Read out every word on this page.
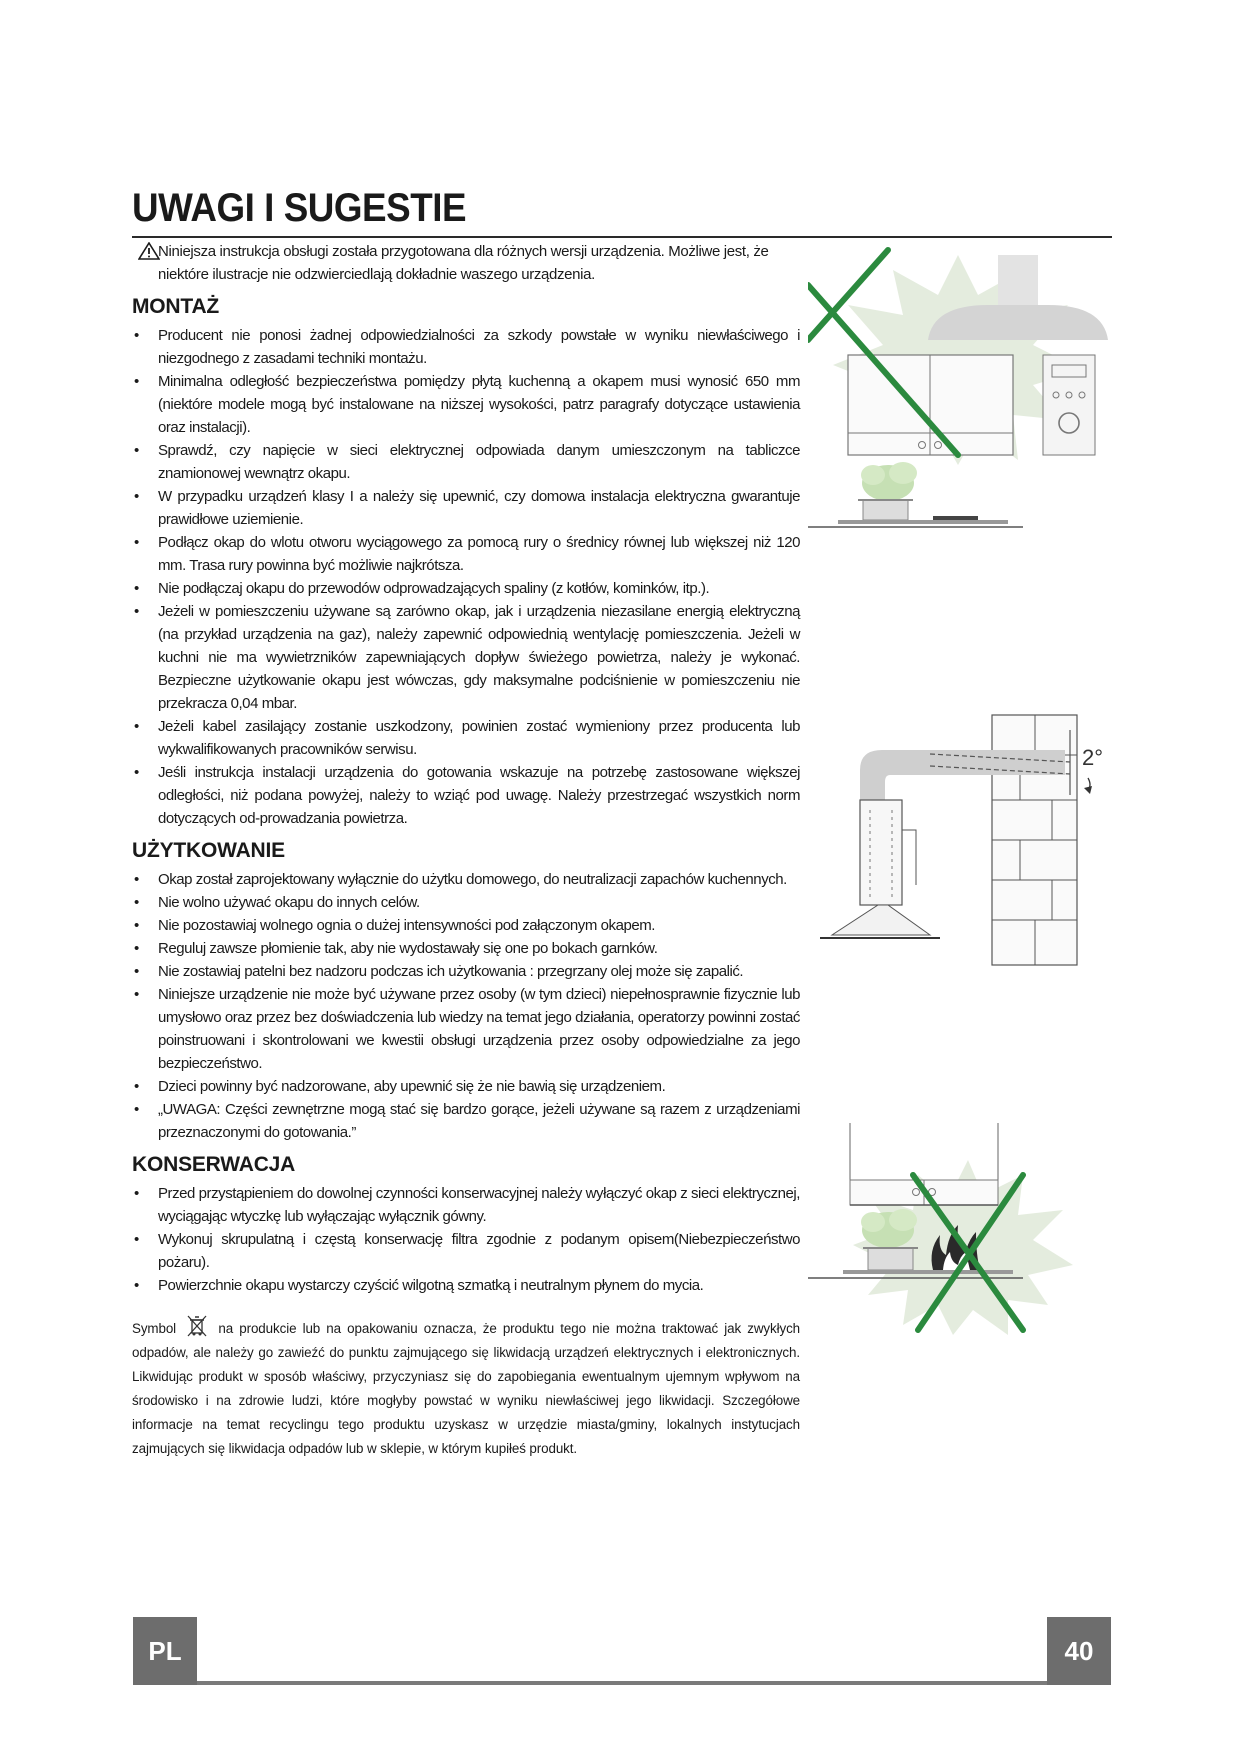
UWAGI I SUGESTIE

Niniejsza instrukcja obsługi została przygotowana dla różnych wersji urządzenia. Możliwe jest, że niektóre ilustracje nie odzwierciedlają dokładnie waszego urządzenia.

MONTAŻ
• Producent nie ponosi żadnej odpowiedzialności za szkody powstałe w wyniku niewłaściwego i niezgodnego z zasadami techniki montażu.
• Minimalna odległość bezpieczeństwa pomiędzy płytą kuchenną a okapem musi wynosić 650 mm (niektóre modele mogą być instalowane na niższej wysokości, patrz paragrafy dotyczące ustawienia oraz instalacji).
• Sprawdź, czy napięcie w sieci elektrycznej odpowiada danym umieszczonym na tabliczce znamionowej wewnątrz okapu.
• W przypadku urządzeń klasy I a należy się upewnić, czy domowa instalacja elektryczna gwarantuje prawidłowe uziemienie.
• Podłącz okap do wlotu otworu wyciągowego za pomocą rury o średnicy równej lub większej niż 120 mm. Trasa rury powinna być możliwie najkrótsza.
• Nie podłączaj okapu do przewodów odprowadzających spaliny (z kotłów, kominków, itp.).
• Jeżeli w pomieszczeniu używane są zarówno okap, jak i urządzenia niezasilane energią elektryczną (na przykład urządzenia na gaz), należy zapewnić odpowiednią wentylację pomieszczenia. Jeżeli w kuchni nie ma wywietrzników zapewniających dopływ świeżego powietrza, należy je wykonać. Bezpieczne użytkowanie okapu jest wówczas, gdy maksymalne podciśnienie w pomieszczeniu nie przekracza 0,04 mbar.
• Jeżeli kabel zasilający zostanie uszkodzony, powinien zostać wymieniony przez producenta lub wykwalifikowanych pracowników serwisu.
• Jeśli instrukcja instalacji urządzenia do gotowania wskazuje na potrzebę zastosowane większej odległości, niż podana powyżej, należy to wziąć pod uwagę. Należy przestrzegać wszystkich norm dotyczących od-prowadzania powietrza.
UŻYTKOWANIE
• Okap został zaprojektowany wyłącznie do użytku domowego, do neutralizacji zapachów kuchennych.
• Nie wolno używać okapu do innych celów.
• Nie pozostawiaj wolnego ognia o dużej intensywności pod załączonym okapem.
• Reguluj zawsze płomienie tak, aby nie wydostawały się one po bokach garnków.
• Nie zostawiaj patelni bez nadzoru podczas ich użytkowania : przegrzany olej może się zapalić.
• Niniejsze urządzenie nie może być używane przez osoby (w tym dzieci) niepełnosprawnie fizycznie lub umysłowo oraz przez bez doświadczenia lub wiedzy na temat jego działania, operatorzy powinni zostać poinstruowani i skontrolowani we kwestii obsługi urządzenia przez osoby odpowiedzialne za jego bezpieczeństwo.
• Dzieci powinny być nadzorowane, aby upewnić się że nie bawią się urządzeniem.
• „UWAGA: Części zewnętrzne mogą stać się bardzo gorące, jeżeli używane są razem z urządzeniami przeznaczonymi do gotowania.”
KONSERWACJA
• Przed przystąpieniem do dowolnej czynności konserwacyjnej należy wyłączyć okap z sieci elektrycznej, wyciągając wtyczkę lub wyłączając wyłącznik gówny.
• Wykonuj skrupulatną i częstą konserwację filtra zgodnie z podanym opisem(Niebezpieczeństwo pożaru).
• Powierzchnie okapu wystarczy czyścić wilgotną szmatką i neutralnym płynem do mycia.

Symbol	na produkcie lub na opakowaniu oznacza, że produktu tego nie można traktować jak zwykłych odpadów, ale należy go zawieźć do punktu zajmującego się likwidacją urządzeń elektrycznych i elektronicznych. Likwidując produkt w sposób właściwy, przyczyniasz się do zapobiegania ewentualnym ujemnym wpływom na środowisko i na zdrowie ludzi, które mogłyby powstać w wyniku niewłaściwej jego likwidacji. Szczegółowe informacje na temat recyclingu tego produktu uzyskasz w urzędzie miasta/gminy, lokalnych instytucjach zajmujących się likwidacja odpadów lub w sklepie, w którym kupiłeś produkt.

2°
PL	40
